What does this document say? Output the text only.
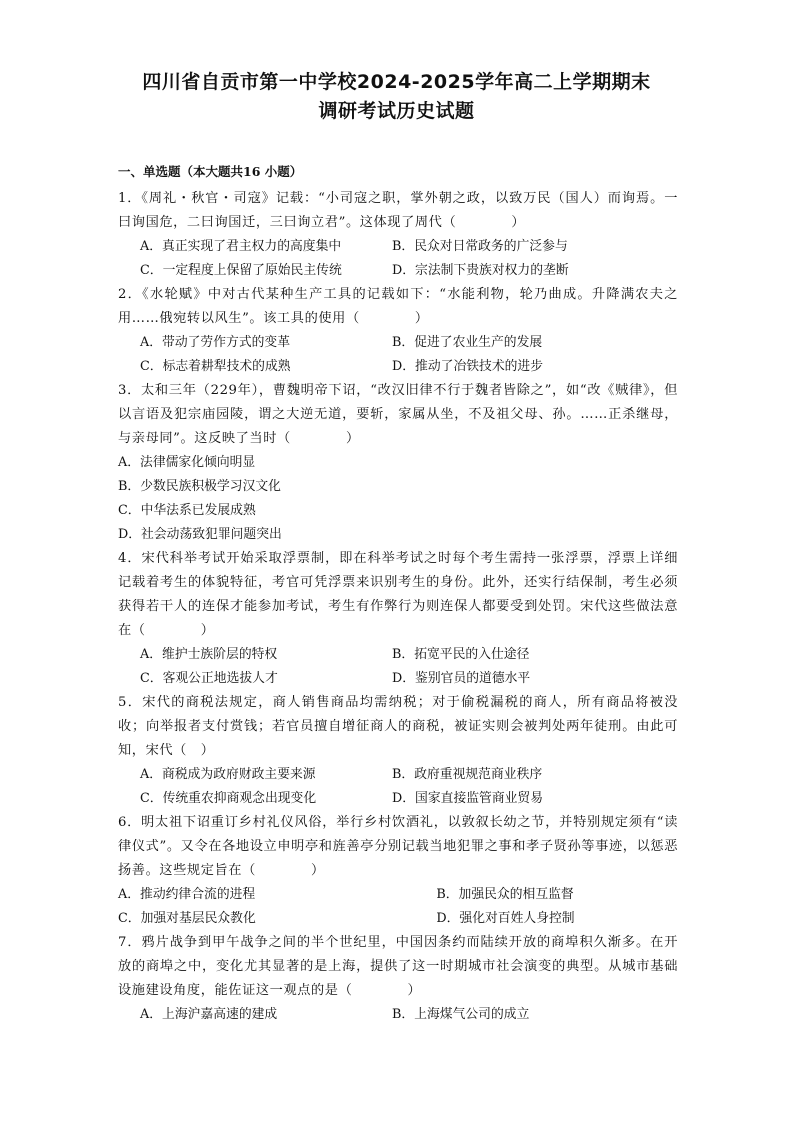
四川省自贡市第一中学校2024-2025学年高二上学期期末
调研考试历史试题
一、单选题（本大题共16 小题）

1．《周礼・秋官・司寇》记载：“小司寇之职，掌外朝之政，以致万民（国人）而询焉。一曰询国危，二曰询国迁，三曰询立君”。这体现了周代（　　　　）

A．真正实现了君主权力的高度集中	B．民众对日常政务的广泛参与
C．一定程度上保留了原始民主传统	D．宗法制下贵族对权力的垄断

2．《水轮赋》中对古代某种生产工具的记载如下：“水能利物，轮乃曲成。升降满农夫之用……俄宛转以风生”。该工具的使用（　　　　）

A．带动了劳作方式的变革	B．促进了农业生产的发展
C．标志着耕犁技术的成熟	D．推动了冶铁技术的进步

3．太和三年（229年），曹魏明帝下诏，“改汉旧律不行于魏者皆除之”，如“改《贼律》，但以言语及犯宗庙园陵，谓之大逆无道，要斩，家属从坐，不及祖父母、孙。……正杀继母，与亲母同”。这反映了当时（　　　　）

A．法律儒家化倾向明显
B．少数民族积极学习汉文化
C．中华法系已发展成熟
D．社会动荡致犯罪问题突出

4．宋代科举考试开始采取浮票制，即在科举考试之时每个考生需持一张浮票，浮票上详细记载着考生的体貌特征，考官可凭浮票来识别考生的身份。此外，还实行结保制，考生必须获得若干人的连保才能参加考试，考生有作弊行为则连保人都要受到处罚。宋代这些做法意在（　　　　）

A．维护士族阶层的特权	B．拓宽平民的入仕途径
C．客观公正地选拔人才	D．鉴别官员的道德水平

5．宋代的商税法规定，商人销售商品均需纳税；对于偷税漏税的商人，所有商品将被没收；向举报者支付赏钱；若官员擅自增征商人的商税，被证实则会被判处两年徒刑。由此可知，宋代（　）

A．商税成为政府财政主要来源	B．政府重视规范商业秩序
C．传统重农抑商观念出现变化	D．国家直接监管商业贸易

6．明太祖下诏重订乡村礼仪风俗，举行乡村饮酒礼，以敦叙长幼之节，并特别规定须有“读律仪式”。又令在各地设立申明亭和旌善亭分别记载当地犯罪之事和孝子贤孙等事迹，以惩恶扬善。这些规定旨在（　　　　）

A．推动约律合流的进程	B．加强民众的相互监督
C．加强对基层民众教化	D．强化对百姓人身控制

7．鸦片战争到甲午战争之间的半个世纪里，中国因条约而陆续开放的商埠积久渐多。在开放的商埠之中，变化尤其显著的是上海，提供了这一时期城市社会演变的典型。从城市基础设施建设角度，能佐证这一观点的是（　　　　）

A．上海沪嘉高速的建成	B．上海煤气公司的成立
